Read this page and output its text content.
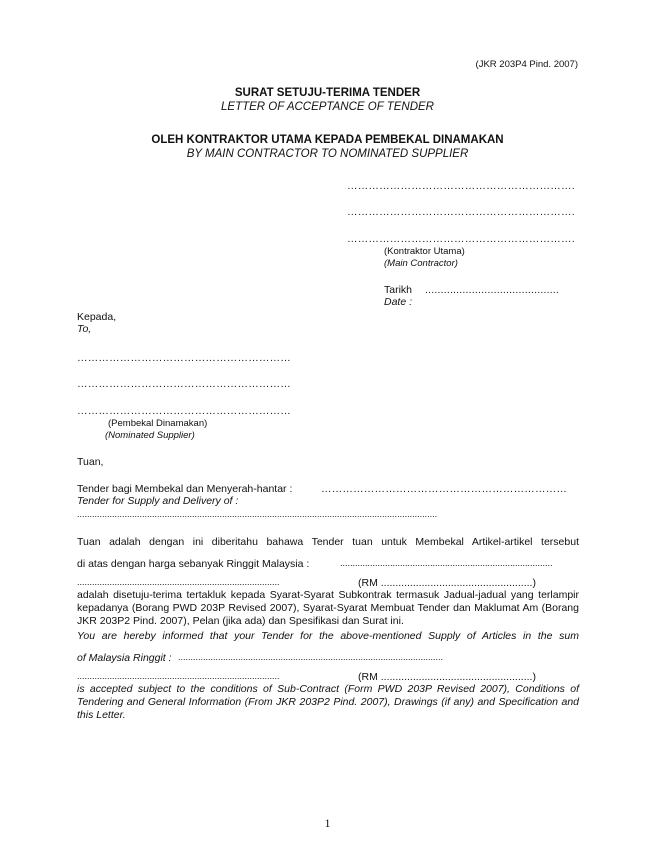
(JKR 203P4 Pind. 2007)
SURAT SETUJU-TERIMA TENDER
LETTER OF ACCEPTANCE OF TENDER
OLEH KONTRAKTOR UTAMA KEPADA PEMBEKAL DINAMAKAN
BY MAIN CONTRACTOR TO NOMINATED SUPPLIER
……………………………………………………….
……………………………………………………….
……………………………………………………….
(Kontraktor Utama)
(Main Contractor)
Tarikh ...........................................
Date :
Kepada,
To,
……………………………………………………
……………………………………………………
……………………………………………………
(Pembekal Dinamakan)
(Nominated Supplier)
Tuan,
Tender bagi Membekal dan Menyerah-hantar :	……………………………………………………………
Tender for Supply and Delivery of :
................................................................................................................................................
Tuan adalah dengan ini diberitahu bahawa Tender tuan untuk Membekal Artikel-artikel tersebut
di atas dengan harga sebanyak Ringgit Malaysia :	.....................................................................................
.................................................................................	(RM ....................................................)
adalah disetuju-terima tertakluk kepada Syarat-Syarat Subkontrak termasuk Jadual-jadual yang terlampir kepadanya (Borang PWD 203P Revised 2007), Syarat-Syarat Membuat Tender dan Maklumat Am (Borang JKR 203P2 Pind. 2007), Pelan (jika ada) dan Spesifikasi dan Surat ini.
You are hereby informed that your Tender for the above-mentioned Supply of Articles in the sum
of Malaysia Ringgit : ..........................................................................................................
.................................................................................	(RM ....................................................)
is accepted subject to the conditions of Sub-Contract (Form PWD 203P Revised 2007), Conditions of Tendering and General Information (From JKR 203P2 Pind. 2007), Drawings (if any) and Specification and this Letter.
1
